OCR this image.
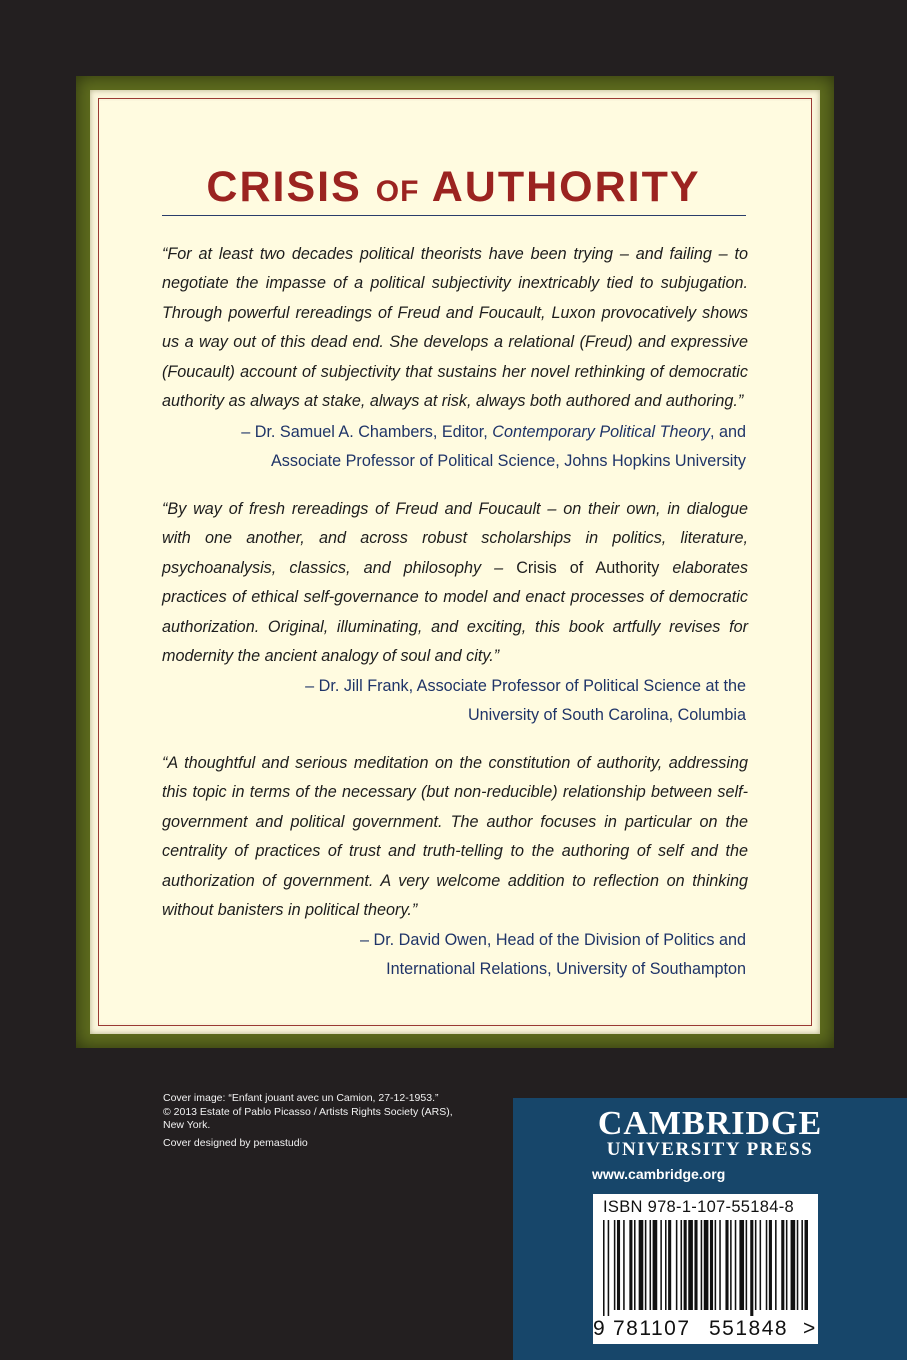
CRISIS OF AUTHORITY

“For at least two decades political theorists have been trying – and failing – to negotiate the impasse of a political subjectivity inextricably tied to subjugation. Through powerful rereadings of Freud and Foucault, Luxon provocatively shows us a way out of this dead end. She develops a relational (Freud) and expressive (Foucault) account of subjectivity that sustains her novel rethinking of democratic authority as always at stake, always at risk, always both authored and authoring.”

– Dr. Samuel A. Chambers, Editor, Contemporary Political Theory, and
Associate Professor of Political Science, Johns Hopkins University

“By way of fresh rereadings of Freud and Foucault – on their own, in dialogue with one another, and across robust scholarships in politics, literature, psychoanalysis, classics, and philosophy – Crisis of Authority elaborates practices of ethical self-governance to model and enact processes of democratic authorization. Original, illuminating, and exciting, this book artfully revises for modernity the ancient analogy of soul and city.”

– Dr. Jill Frank, Associate Professor of Political Science at the
University of South Carolina, Columbia

“A thoughtful and serious meditation on the constitution of authority, addressing this topic in terms of the necessary (but non-reducible) relationship between self-government and political government. The author focuses in particular on the centrality of practices of trust and truth-telling to the authoring of self and the authorization of government. A very welcome addition to reflection on thinking without banisters in political theory.”

– Dr. David Owen, Head of the Division of Politics and
International Relations, University of Southampton
Cover image: “Enfant jouant avec un Camion, 27-12-1953.”
© 2013 Estate of Pablo Picasso / Artists Rights Society (ARS),
New York.
Cover designed by pemastudio
CAMBRIDGE
UNIVERSITY PRESS
www.cambridge.org
ISBN 978-1-107-55184-8
9 781107 551848 >
